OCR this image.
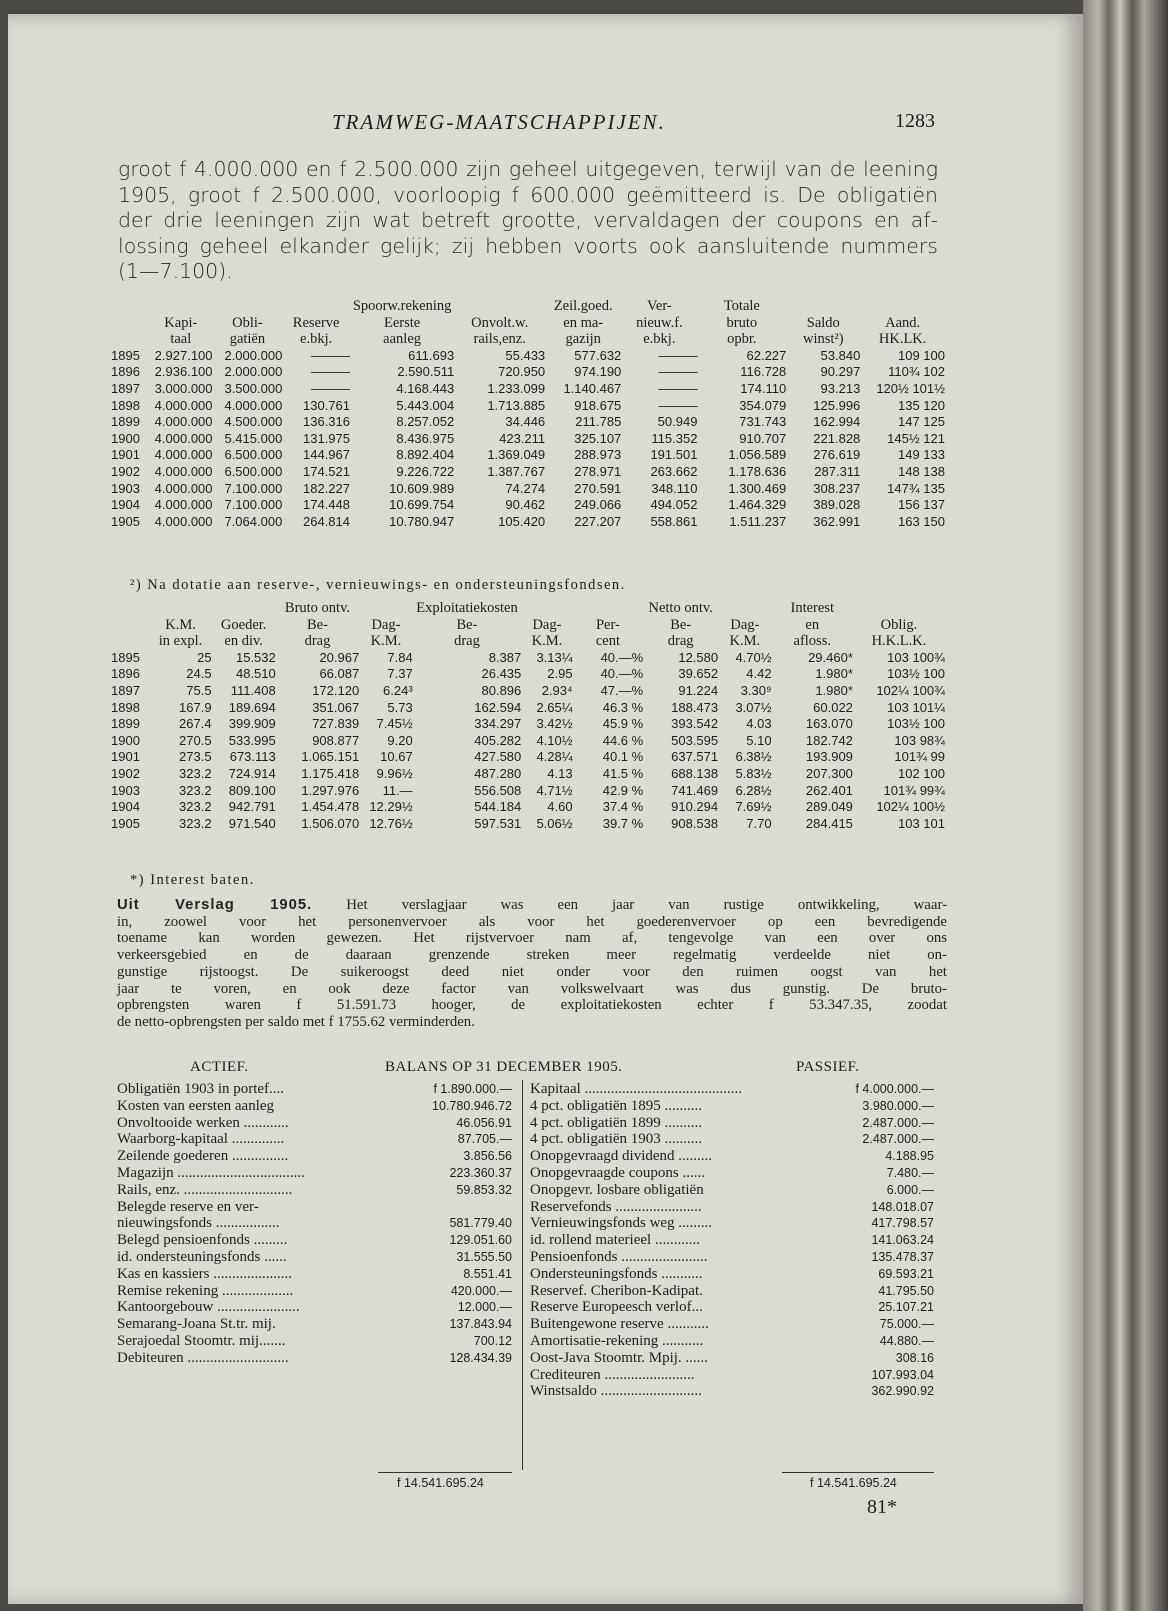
TRAMWEG-MAATSCHAPPIJEN.	1283
groot f 4.000.000 en f 2.500.000 zijn geheel uitgegeven, terwijl van de leening
1905, groot f 2.500.000, voorloopig f 600.000 geëmitteerd is. De obligatiën
der drie leeningen zijn wat betreft grootte, vervaldagen der coupons en af-
lossing geheel elkander gelijk; zij hebben voorts ook aansluitende nummers
(1—7.100).
				Spoorw.rekening		Zeil.goed.	Ver-	Totale		
	Kapi-	Obli-	Reserve	Eerste	Onvolt.w.	en ma-	nieuw.f.	bruto	Saldo	Aand.
	taal	gatiën	e.bkj.	aanleg	rails,enz.	gazijn	e.bkj.	opbr.	winst²)	HK.LK.
1895	2.927.100	2.000.000	———	611.693	55.433	577.632	———	62.227	53.840	109 100
1896	2.936.100	2.000.000	———	2.590.511	720.950	974.190	———	116.728	90.297	110¾ 102
1897	3.000.000	3.500.000	———	4.168.443	1.233.099	1.140.467	———	174.110	93.213	120½ 101½
1898	4.000.000	4.000.000	130.761	5.443.004	1.713.885	918.675	———	354.079	125.996	135 120
1899	4.000.000	4.500.000	136.316	8.257.052	34.446	211.785	50.949	731.743	162.994	147 125
1900	4.000.000	5.415.000	131.975	8.436.975	423.211	325.107	115.352	910.707	221.828	145½ 121
1901	4.000.000	6.500.000	144.967	8.892.404	1.369.049	288.973	191.501	1.056.589	276.619	149 133
1902	4.000.000	6.500.000	174.521	9.226.722	1.387.767	278.971	263.662	1.178.636	287.311	148 138
1903	4.000.000	7.100.000	182.227	10.609.989	74.274	270.591	348.110	1.300.469	308.237	147¾ 135
1904	4.000.000	7.100.000	174.448	10.699.754	90.462	249.066	494.052	1.464.329	389.028	156 137
1905	4.000.000	7.064.000	264.814	10.780.947	105.420	227.207	558.861	1.511.237	362.991	163 150
²) Na dotatie aan reserve-, vernieuwings- en ondersteuningsfondsen.
			Bruto ontv.		Exploitatiekosten			Netto ontv.		Interest	
	K.M.	Goeder.	Be-	Dag-	Be-	Dag-	Per-	Be-	Dag-	en	Oblig.
	in expl.	en div.	drag	K.M.	drag	K.M.	cent	drag	K.M.	afloss.	H.K.L.K.
1895	25	15.532	20.967	7.84	8.387	3.13¼	40.—%	12.580	4.70½	29.460*	103 100¾
1896	24.5	48.510	66.087	7.37	26.435	2.95	40.—%	39.652	4.42	1.980*	103½ 100
1897	75.5	111.408	172.120	6.24³	80.896	2.93⁴	47.—%	91.224	3.30⁹	1.980*	102¼ 100¾
1898	167.9	189.694	351.067	5.73	162.594	2.65¼	46.3 %	188.473	3.07½	60.022	103 101¼
1899	267.4	399.909	727.839	7.45½	334.297	3.42½	45.9 %	393.542	4.03	163.070	103½ 100
1900	270.5	533.995	908.877	9.20	405.282	4.10½	44.6 %	503.595	5.10	182.742	103 98¾
1901	273.5	673.113	1.065.151	10.67	427.580	4.28¼	40.1 %	637.571	6.38½	193.909	101¾ 99
1902	323.2	724.914	1.175.418	9.96½	487.280	4.13	41.5 %	688.138	5.83½	207.300	102 100
1903	323.2	809.100	1.297.976	11.—	556.508	4.71½	42.9 %	741.469	6.28½	262.401	101¾ 99¾
1904	323.2	942.791	1.454.478	12.29½	544.184	4.60	37.4 %	910.294	7.69½	289.049	102¼ 100½
1905	323.2	971.540	1.506.070	12.76½	597.531	5.06½	39.7 %	908.538	7.70	284.415	103 101
*) Interest baten.
Uit Verslag 1905. Het verslagjaar was een jaar van rustige ontwikkeling, waar-
in, zoowel voor het personenvervoer als voor het goederenvervoer op een bevredigende
toename kan worden gewezen. Het rijstvervoer nam af, tengevolge van een over ons
verkeersgebied en de daaraan grenzende streken meer regelmatig verdeelde niet on-
gunstige rijstoogst. De suikeroogst deed niet onder voor den ruimen oogst van het
jaar te voren, en ook deze factor van volkswelvaart was dus gunstig. De bruto-
opbrengsten waren f 51.591.73 hooger, de exploitatiekosten echter f 53.347.35, zoodat
de netto-opbrengsten per saldo met f 1755.62 verminderden.
ACTIEF.	BALANS OP 31 DECEMBER 1905.	PASSIEF.
Obligatiën 1903 in portef....	f 1.890.000.—
Kosten van eersten aanleg	10.780.946.72
Onvoltooide werken ............	46.056.91
Waarborg-kapitaal ..............	87.705.—
Zeilende goederen ...............	3.856.56
Magazijn ..................................	223.360.37
Rails, enz. .............................	59.853.32
Belegde reserve en ver-
nieuwingsfonds .................	581.779.40
Belegd pensioenfonds .........	129.051.60
id. ondersteuningsfonds ......	31.555.50
Kas en kassiers .....................	8.551.41
Remise rekening ...................	420.000.—
Kantoorgebouw ......................	12.000.—
Semarang-Joana St.tr. mij.	137.843.94
Serajoedal Stoomtr. mij.......	700.12
Debiteuren ...........................	128.434.39
Kapitaal ..........................................	f 4.000.000.—
4 pct. obligatiën 1895 ..........	3.980.000.—
4 pct. obligatiën 1899 ..........	2.487.000.—
4 pct. obligatiën 1903 ..........	2.487.000.—
Onopgevraagd dividend .........	4.188.95
Onopgevraagde coupons ......	7.480.—
Onopgevr. losbare obligatiën	6.000.—
Reservefonds .......................	148.018.07
Vernieuwingsfonds weg .........	417.798.57
id. rollend materieel ............	141.063.24
Pensioenfonds .......................	135.478.37
Ondersteuningsfonds ...........	69.593.21
Reservef. Cheribon-Kadipat.	41.795.50
Reserve Europeesch verlof...	25.107.21
Buitengewone reserve ...........	75.000.—
Amortisatie-rekening ...........	44.880.—
Oost-Java Stoomtr. Mpij. ......	308.16
Crediteuren ........................	107.993.04
Winstsaldo ...........................	362.990.92
f 14.541.695.24	f 14.541.695.24
81*
